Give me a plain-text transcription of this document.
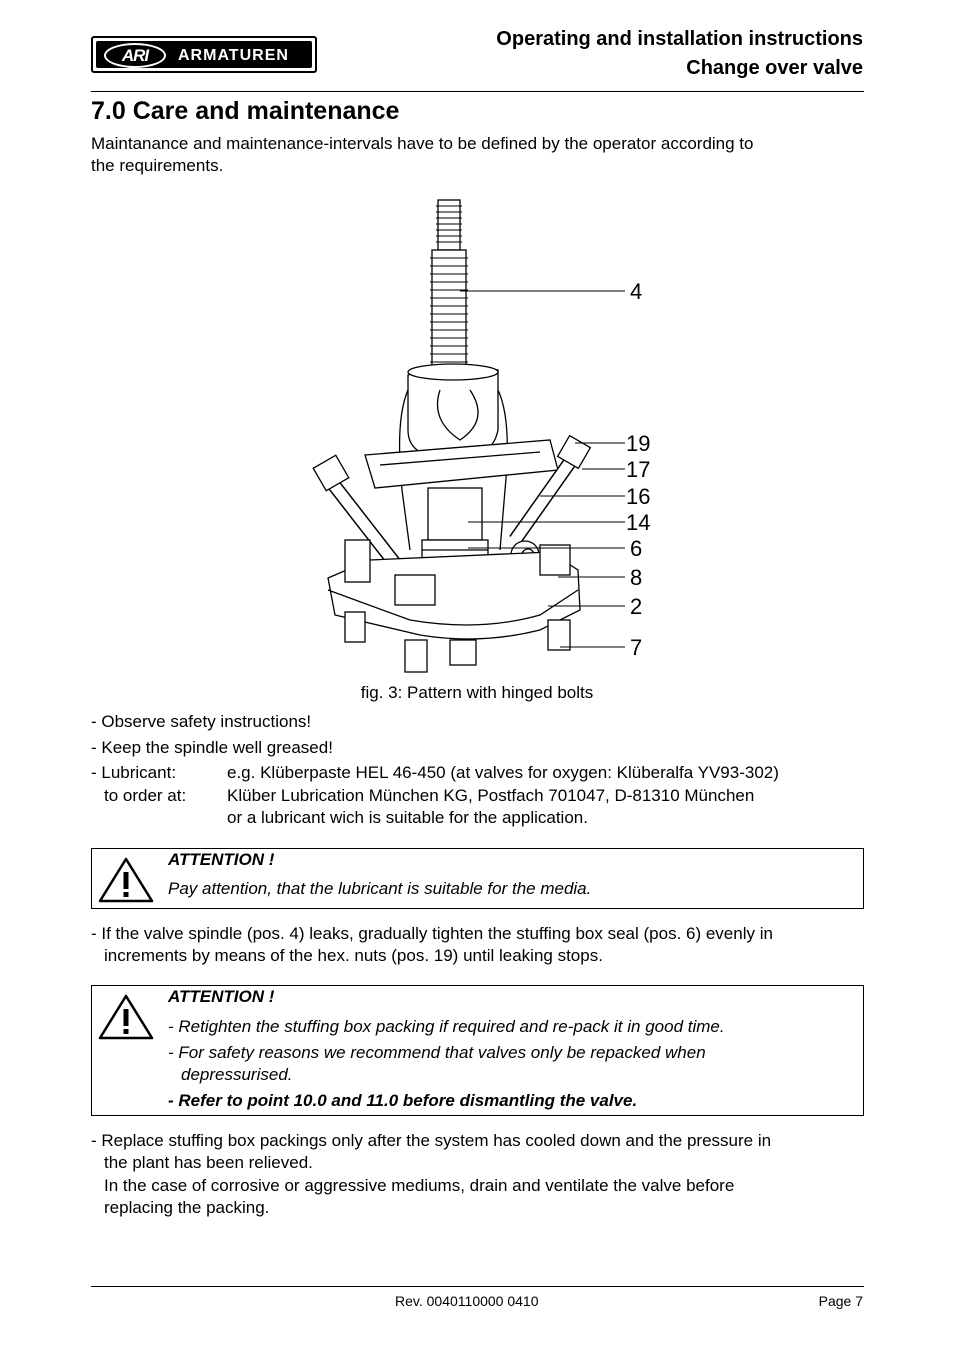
ARI	ARMATUREN
Operating and installation instructions
Change over valve
7.0 Care and maintenance
Maintanance and maintenance-intervals have to be defined by the operator according to
the requirements.
4
19
17
16
14
6
8
2
7
fig. 3: Pattern with hinged bolts
- Observe safety instructions!
- Keep the spindle well greased!
- Lubricant:	e.g. Klüberpaste HEL 46-450 (at valves for oxygen: Klüberalfa YV93-302)
to order at: Klüber Lubrication München KG, Postfach 701047, D-81310 München
or a lubricant wich is suitable for the application.
ATTENTION !
Pay attention, that the lubricant is suitable for the media.
- If the valve spindle (pos. 4) leaks, gradually tighten the stuffing box seal (pos. 6) evenly in
increments by means of the hex. nuts (pos. 19) until leaking stops.
ATTENTION !
- Retighten the stuffing box packing if required and re-pack it in good time.
- For safety reasons we recommend that valves only be repacked when
depressurised.
- Refer to point 10.0 and 11.0 before dismantling the valve.
- Replace stuffing box packings only after the system has cooled down and the pressure in
the plant has been relieved.
In the case of corrosive or aggressive mediums, drain and ventilate the valve before
replacing the packing.
Rev. 0040110000 0410	Page 7
